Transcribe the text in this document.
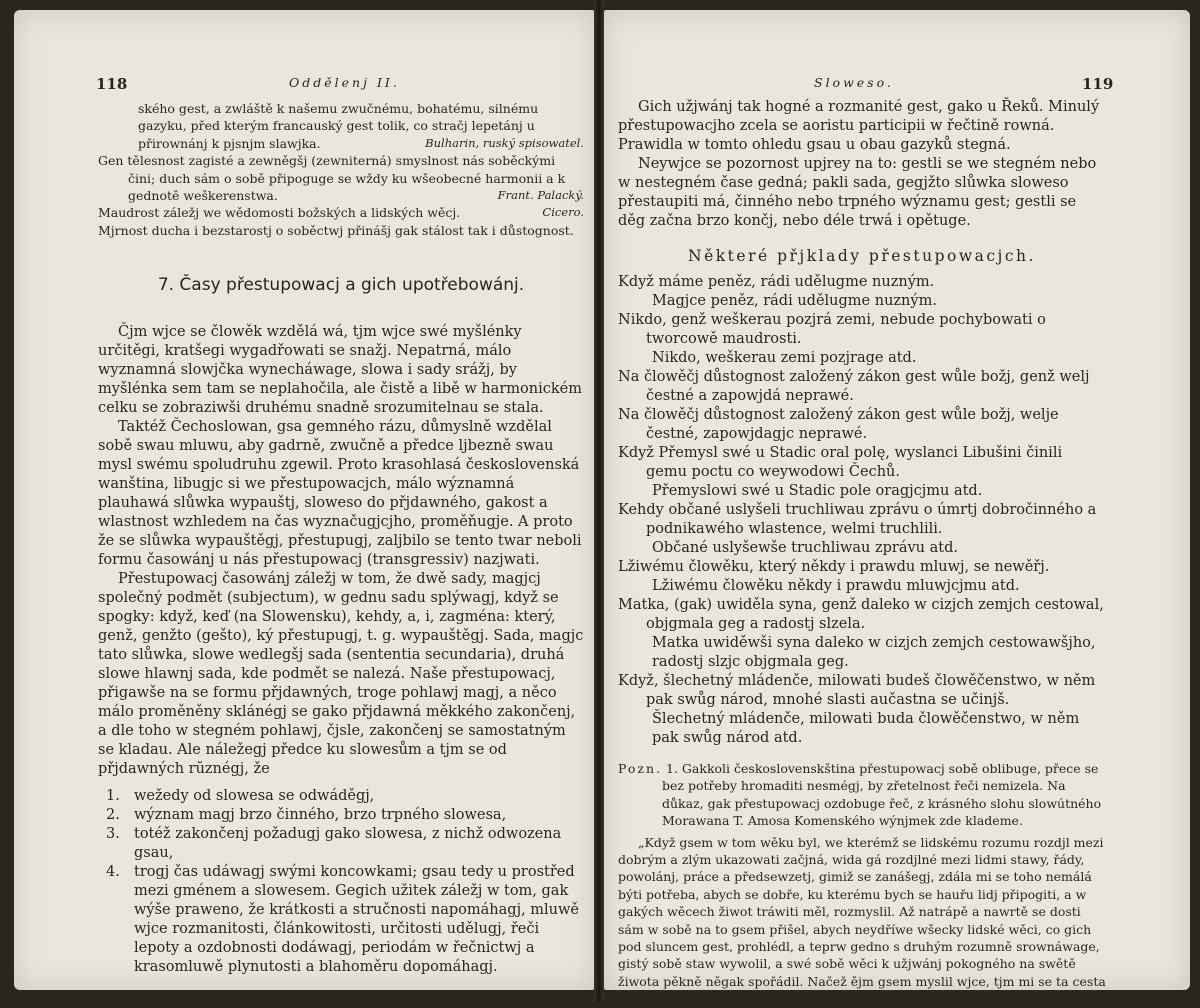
118	Oddělenj II.

ského gest, a zwláště k našemu zwučnému, bohatému, silnému gazyku, před kterým francauský gest tolik, co stračj lepetánj u přirownánj k pjsnjm slawjka.	Bulharin, ruský spisowatel.

Gen tělesnost zagisté a zewněgšj (zewniterná) smyslnost nás soběckými čini; duch sám o sobě připoguge se wždy ku wšeobecné harmonii a k gednotě weškerenstwa.	Frant. Palacký.

Maudrost záležj we wědomosti božských a lidských wěcj.	Cicero.

Mjrnost ducha i bezstarostj o soběctwj přinášj gak stálost tak i důstognost.

7. Časy přestupowacj a gich upotřebowánj.

Čjm wjce se člowěk wzdělá wá, tjm wjce swé myšlénky určitěgi, kratšegi wygadřowati se snažj. Nepatrná, málo wyznamná slowjčka wynecháwage, slowa i sady srážj, by myšlénka sem tam se neplahočila, ale čistě a libě w harmonickém celku se zobraziwši druhému snadně srozumitelnau se stala.

Taktéž Čechoslowan, gsa gemného rázu, důmyslně wzdělal sobě swau mluwu, aby gadrně, zwučně a předce ljbezně swau mysl swému spoludruhu zgewil. Proto krasohlasá československá wanština, libugjc si we přestupowacjch, málo wýznamná plauhawá slůwka wypauštj, sloweso do přjdawného, gakost a wlastnost wzhledem na čas wyznačugjcjho, proměňugje. A proto že se slůwka wypauštěgj, přestupugj, zaljbilo se tento twar neboli formu časowánj u nás přestupowacj (transgressiv) nazjwati.

Přestupowacj časowánj záležj w tom, že dwě sady, magjcj společný podmět (subjectum), w gednu sadu splýwagj, když se spogky: když, keď (na Slowensku), kehdy, a, i, zagména: který, genž, genžto (gešto), ký přestupugj, t. g. wypauštěgj. Sada, magjc tato slůwka, slowe wedlegšj sada (sententia secundaria), druhá slowe hlawnj sada, kde podmět se nalezá. Naše přestupowacj, přigawše na se formu přjdawných, troge pohlawj magj, a něco málo proměněny sklánégj se gako přjdawná měkkého zakončenj, a dle toho w stegném pohlawj, čjsle, zakončenj se samostatným se kladau. Ale náležegj předce ku slowesům a tjm se od přjdawných rŭznégj, že

1. wežedy od slowesa se odwáděgj,
2. wýznam magj brzo činného, brzo trpného slowesa,
3. totéž zakončenj požadugj gako slowesa, z nichž odwozena gsau,
4. trogj čas udáwagj swými koncowkami; gsau tedy u prostřed mezi gménem a slowesem. Gegich užitek záležj w tom, gak wýše praweno, že krátkosti a stručnosti napomáhagj, mluwě wjce rozmanitosti, článkowitosti, určitosti udělugj, řeči lepoty a ozdobnosti dodáwagj, periodám w řečnictwj a krasomluwě plynutosti a blahoměru dopomáhagj.
Sloweso.	119

Gich užjwánj tak hogné a rozmanité gest, gako u Řeků. Minulý přestupowacjho zcela se aoristu participii w řečtině rowná. Prawidla w tomto ohledu gsau u obau gazyků stegná.

Neywjce se pozornost upjrey na to: gestli se we stegném nebo w nestegném čase gedná; pakli sada, gegjžto slůwka sloweso přestaupiti má, činného nebo trpného wýznamu gest; gestli se děg začna brzo končj, nebo déle trwá i opětuge.

Některé přjklady přestupowacjch.

Když máme peněz, rádi udělugme nuzným.

Magjce peněz, rádi udělugme nuzným.

Nikdo, genž weškerau pozjrá zemi, nebude pochybowati o tworcowě maudrosti.

Nikdo, weškerau zemi pozjrage atd.

Na člowěčj důstognost založený zákon gest wůle božj, genž welj čestné a zapowjdá neprawé.

Na člowěčj důstognost založený zákon gest wůle božj, welje čestné, zapowjdagjc neprawé.

Když Přemysl swé u Stadic oral polę, wyslanci Libušini činili gemu poctu co weywodowi Čechů.

Přemyslowi swé u Stadic pole oragjcjmu atd.

Kehdy občané uslyšeli truchliwau zprávu o úmrtj dobročinného a podnikawého wlastence, welmi truchlili.

Občané uslyšewše truchliwau zprávu atd.

Lžiwému člowěku, který někdy i prawdu mluwj, se newěřj.

Lžiwému člowěku někdy i prawdu mluwjcjmu atd.

Matka, (gak) uwiděla syna, genž daleko w cizjch zemjch cestowal, objgmala geg a radostj slzela.

Matka uwiděwši syna daleko w cizjch zemjch cestowawšjho, radostj slzjc objgmala geg.

Když, šlechetný mládenče, milowati budeš člowěčenstwo, w něm pak swůg národ, mnohé slasti aučastna se učinjš.

Šlechetný mládenče, milowati buda člowěčenstwo, w něm pak swůg národ atd.

Pozn. 1. Gakkoli československština přestupowacj sobě oblibuge, přece se bez potřeby hromaditi nesmégj, by zřetelnost řeči nemizela. Na důkaz, gak přestupowacj ozdobuge řeč, z krásného slohu slowútného Morawana T. Amosa Komenského wýnjmek zde klademe.

„Když gsem w tom wěku byl, we kterémž se lidskému rozumu rozdjl mezi dobrým a zlým ukazowati začjná, wida gá rozdjlné mezi lidmi stawy, řády, powolánj, práce a předsewzetj, gimiž se zanášegj, zdála mi se toho nemálá býti potřeba, abych se dobře, ku kterému bych se hauřu lidj připogiti, a w gakých wěcech žiwot tráwiti měl, rozmyslil. Až natrápě a nawrtě se dosti sám w sobě na to gsem přišel, abych neydříwe wšecky lidské wěci, co gich pod sluncem gest, prohlédl, a teprw gedno s druhým rozumně srownáwage, gistý sobě staw wywolil, a swé sobě wěci k užjwánj pokogného na swětě žiwota pěkně něgak spořádil. Načež ějm gsem myslil wjce, tjm mi se ta cesta ljbila lépe.	Labyrint swěta.
